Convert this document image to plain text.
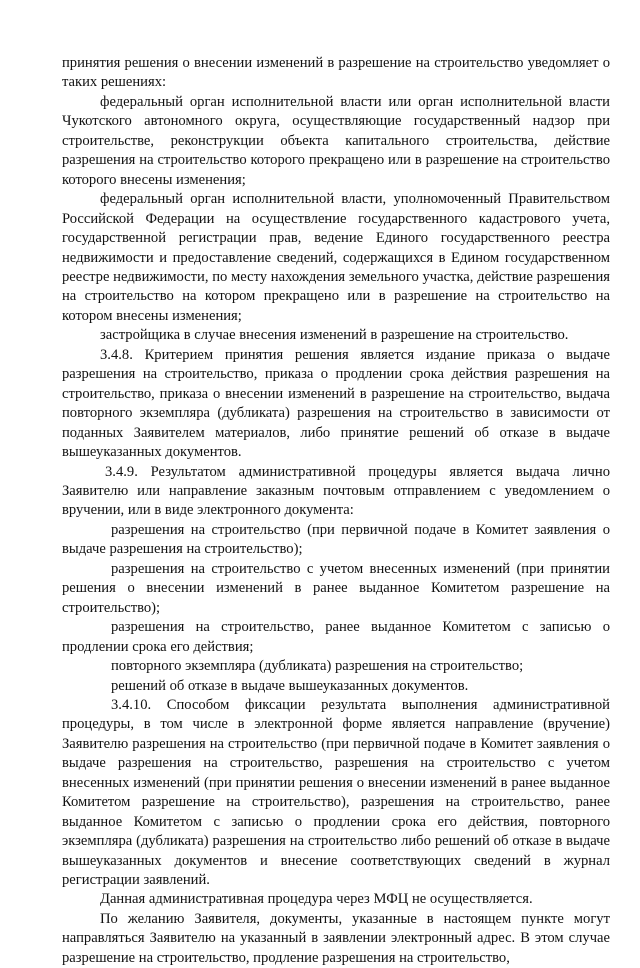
принятия решения о внесении изменений в разрешение на строительство уведомляет о таких решениях:

федеральный орган исполнительной власти или орган исполнительной власти Чукотского автономного округа, осуществляющие государственный надзор при строительстве, реконструкции объекта капитального строительства, действие разрешения на строительство которого прекращено или в разрешение на строительство которого внесены изменения;

федеральный орган исполнительной власти, уполномоченный Правительством Российской Федерации на осуществление государственного кадастрового учета, государственной регистрации прав, ведение Единого государственного реестра недвижимости и предоставление сведений, содержащихся в Едином государственном реестре недвижимости, по месту нахождения земельного участка, действие разрешения на строительство на котором прекращено или в разрешение на строительство на котором внесены изменения;

застройщика в случае внесения изменений в разрешение на строительство.

3.4.8. Критерием принятия решения является издание приказа о выдаче разрешения на строительство, приказа о продлении срока действия разрешения на строительство, приказа о внесении изменений в разрешение на строительство, выдача повторного экземпляра (дубликата) разрешения на строительство в зависимости от поданных Заявителем материалов, либо принятие решений об отказе в выдаче вышеуказанных документов.

3.4.9. Результатом административной процедуры является выдача лично Заявителю или направление заказным почтовым отправлением с уведомлением о вручении, или в виде электронного документа:

разрешения на строительство (при первичной подаче в Комитет заявления о выдаче разрешения на строительство);

разрешения на строительство с учетом внесенных изменений (при принятии решения о внесении изменений в ранее выданное Комитетом разрешение на строительство);

разрешения на строительство, ранее выданное Комитетом с записью о продлении срока его действия;

повторного экземпляра (дубликата) разрешения на строительство;

решений об отказе в выдаче вышеуказанных документов.

3.4.10. Способом фиксации результата выполнения административной процедуры, в том числе в электронной форме является направление (вручение) Заявителю разрешения на строительство (при первичной подаче в Комитет заявления о выдаче разрешения на строительство, разрешения на строительство с учетом внесенных изменений (при принятии решения о внесении изменений в ранее выданное Комитетом разрешение на строительство), разрешения на строительство, ранее выданное Комитетом с записью о продлении срока его действия, повторного экземпляра (дубликата) разрешения на строительство либо решений об отказе в выдаче вышеуказанных документов и внесение соответствующих сведений в журнал регистрации заявлений.

Данная административная процедура через МФЦ не осуществляется.

По желанию Заявителя, документы, указанные в настоящем пункте могут направляться Заявителю на указанный в заявлении электронный адрес. В этом случае разрешение на строительство, продление разрешения на строительство,
